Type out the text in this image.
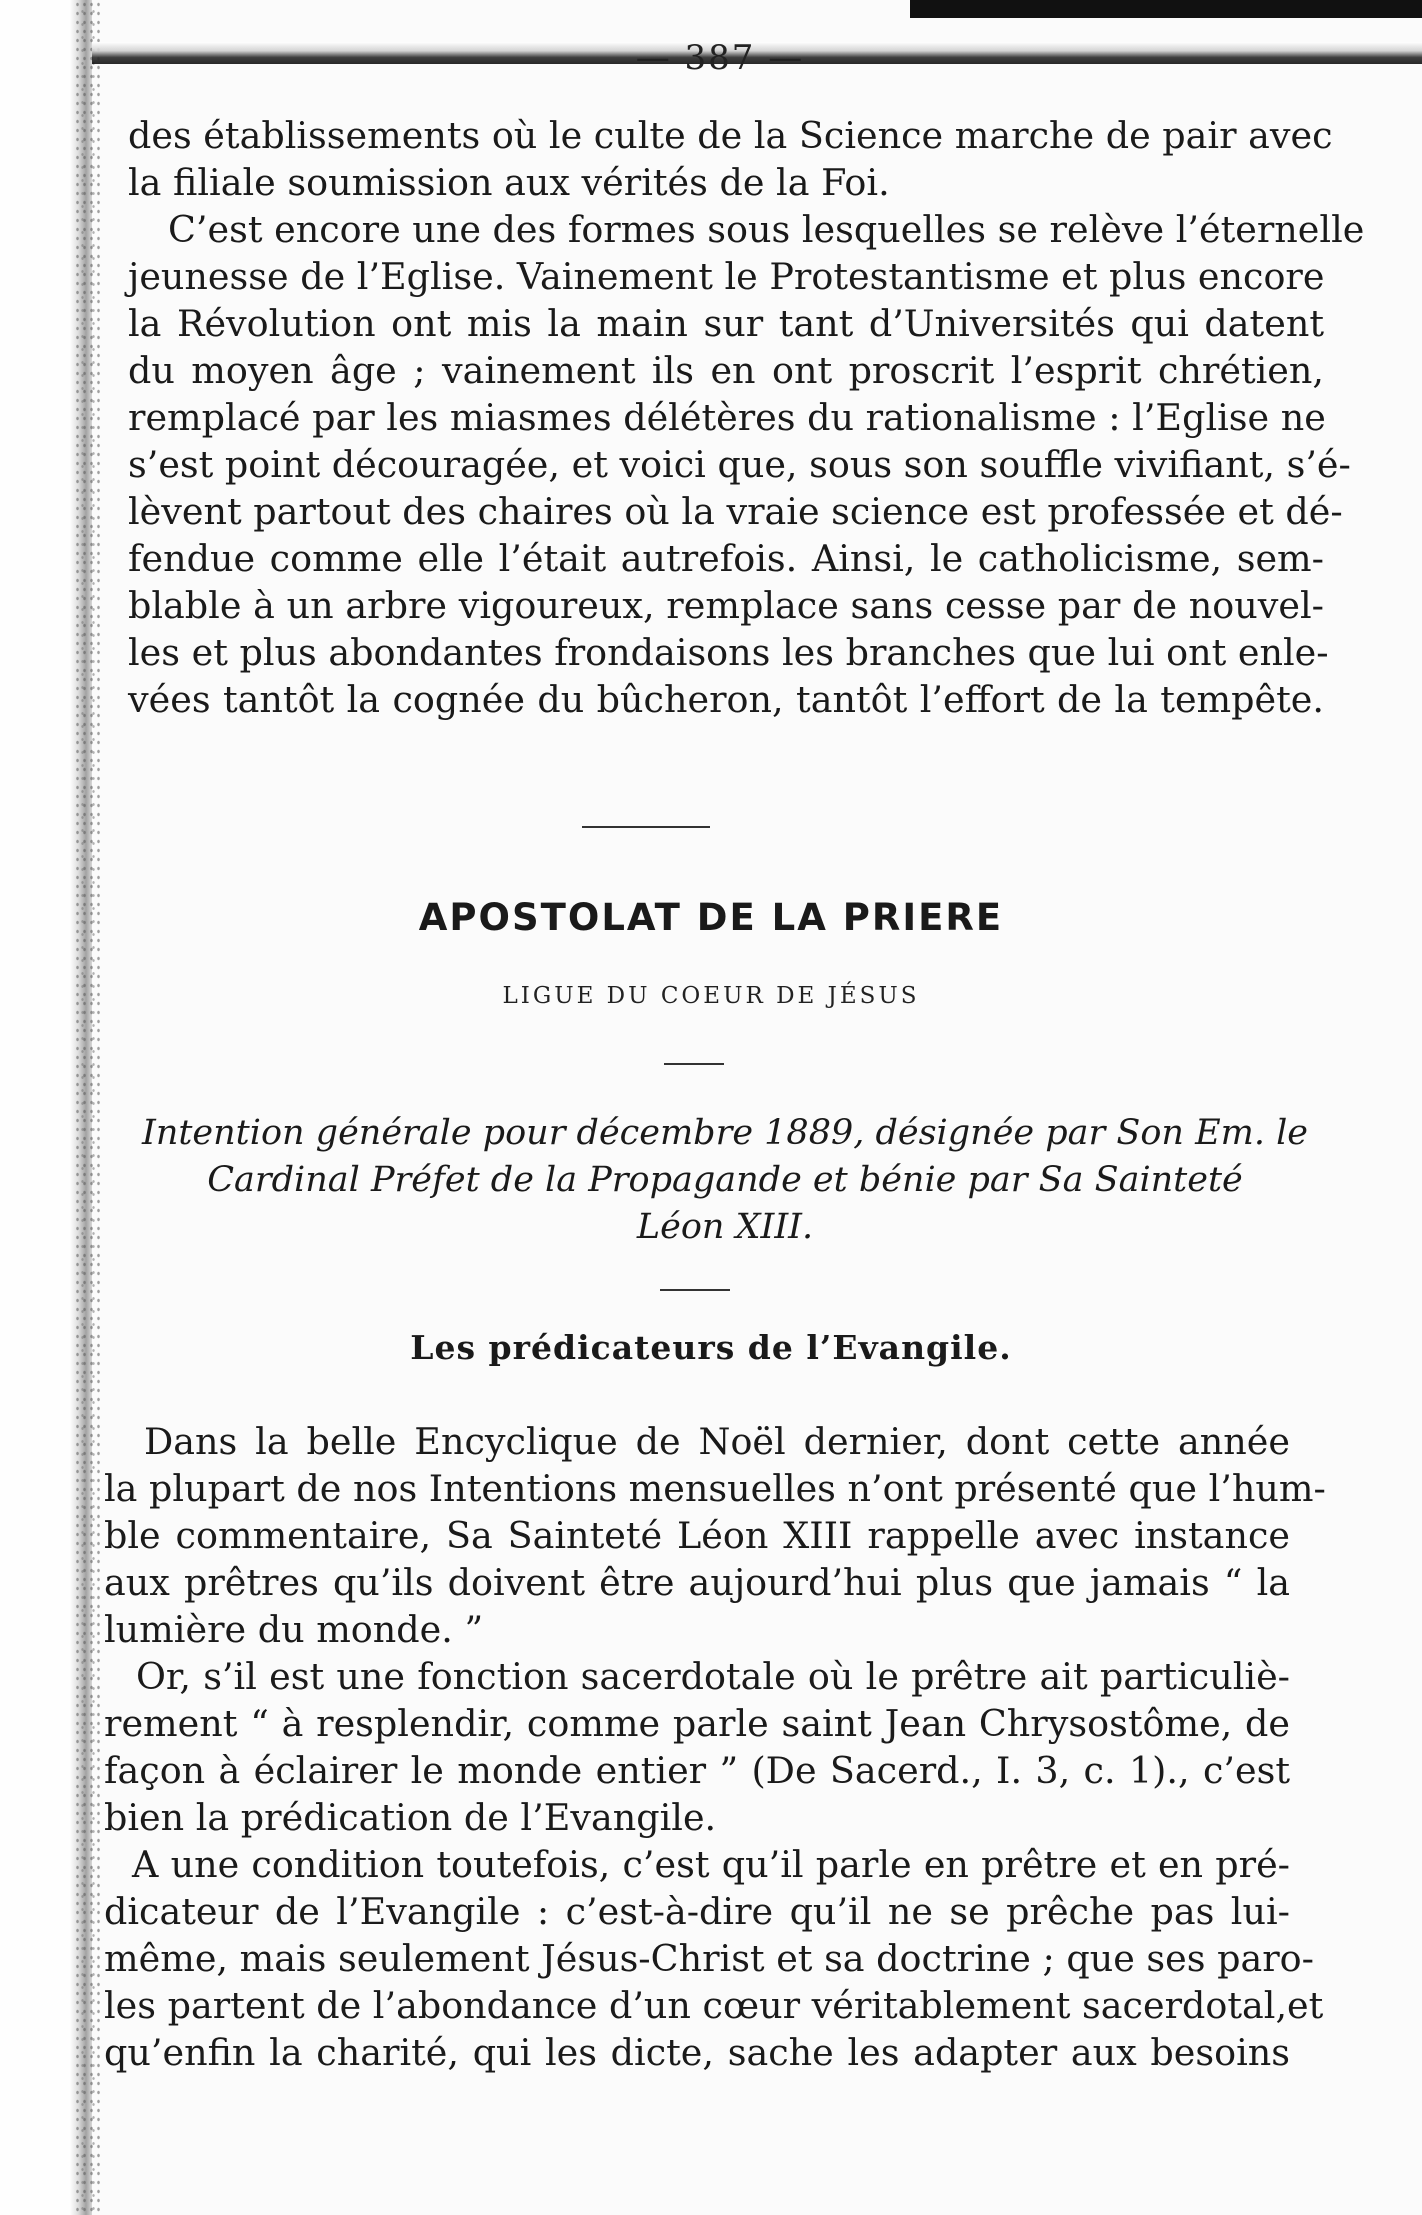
— 387 —
des établissements où le culte de la Science marche de pair avec
la filiale soumission aux vérités de la Foi.
C’est encore une des formes sous lesquelles se relève l’éternelle
jeunesse de l’Eglise. Vainement le Protestantisme et plus encore
la Révolution ont mis la main sur tant d’Universités qui datent
du moyen âge ; vainement ils en ont proscrit l’esprit chrétien,
remplacé par les miasmes délétères du rationalisme : l’Eglise ne
s’est point découragée, et voici que, sous son souffle vivifiant, s’é-
lèvent partout des chaires où la vraie science est professée et dé-
fendue comme elle l’était autrefois. Ainsi, le catholicisme, sem-
blable à un arbre vigoureux, remplace sans cesse par de nouvel-
les et plus abondantes frondaisons les branches que lui ont enle-
vées tantôt la cognée du bûcheron, tantôt l’effort de la tempête.
APOSTOLAT DE LA PRIERE
LIGUE DU COEUR DE JÉSUS
Intention générale pour décembre 1889, désignée par Son Em. le
Cardinal Préfet de la Propagande et bénie par Sa Sainteté
Léon XIII.
Les prédicateurs de l’Evangile.
Dans la belle Encyclique de Noël dernier, dont cette année
la plupart de nos Intentions mensuelles n’ont présenté que l’hum-
ble commentaire, Sa Sainteté Léon XIII rappelle avec instance
aux prêtres qu’ils doivent être aujourd’hui plus que jamais “ la
lumière du monde. ”
Or, s’il est une fonction sacerdotale où le prêtre ait particuliè-
rement “ à resplendir, comme parle saint Jean Chrysostôme, de
façon à éclairer le monde entier ” (De Sacerd., I. 3, c. 1)., c’est
bien la prédication de l’Evangile.
A une condition toutefois, c’est qu’il parle en prêtre et en pré-
dicateur de l’Evangile : c’est-à-dire qu’il ne se prêche pas lui-
même, mais seulement Jésus-Christ et sa doctrine ; que ses paro-
les partent de l’abondance d’un cœur véritablement sacerdotal,et
qu’enfin la charité, qui les dicte, sache les adapter aux besoins
